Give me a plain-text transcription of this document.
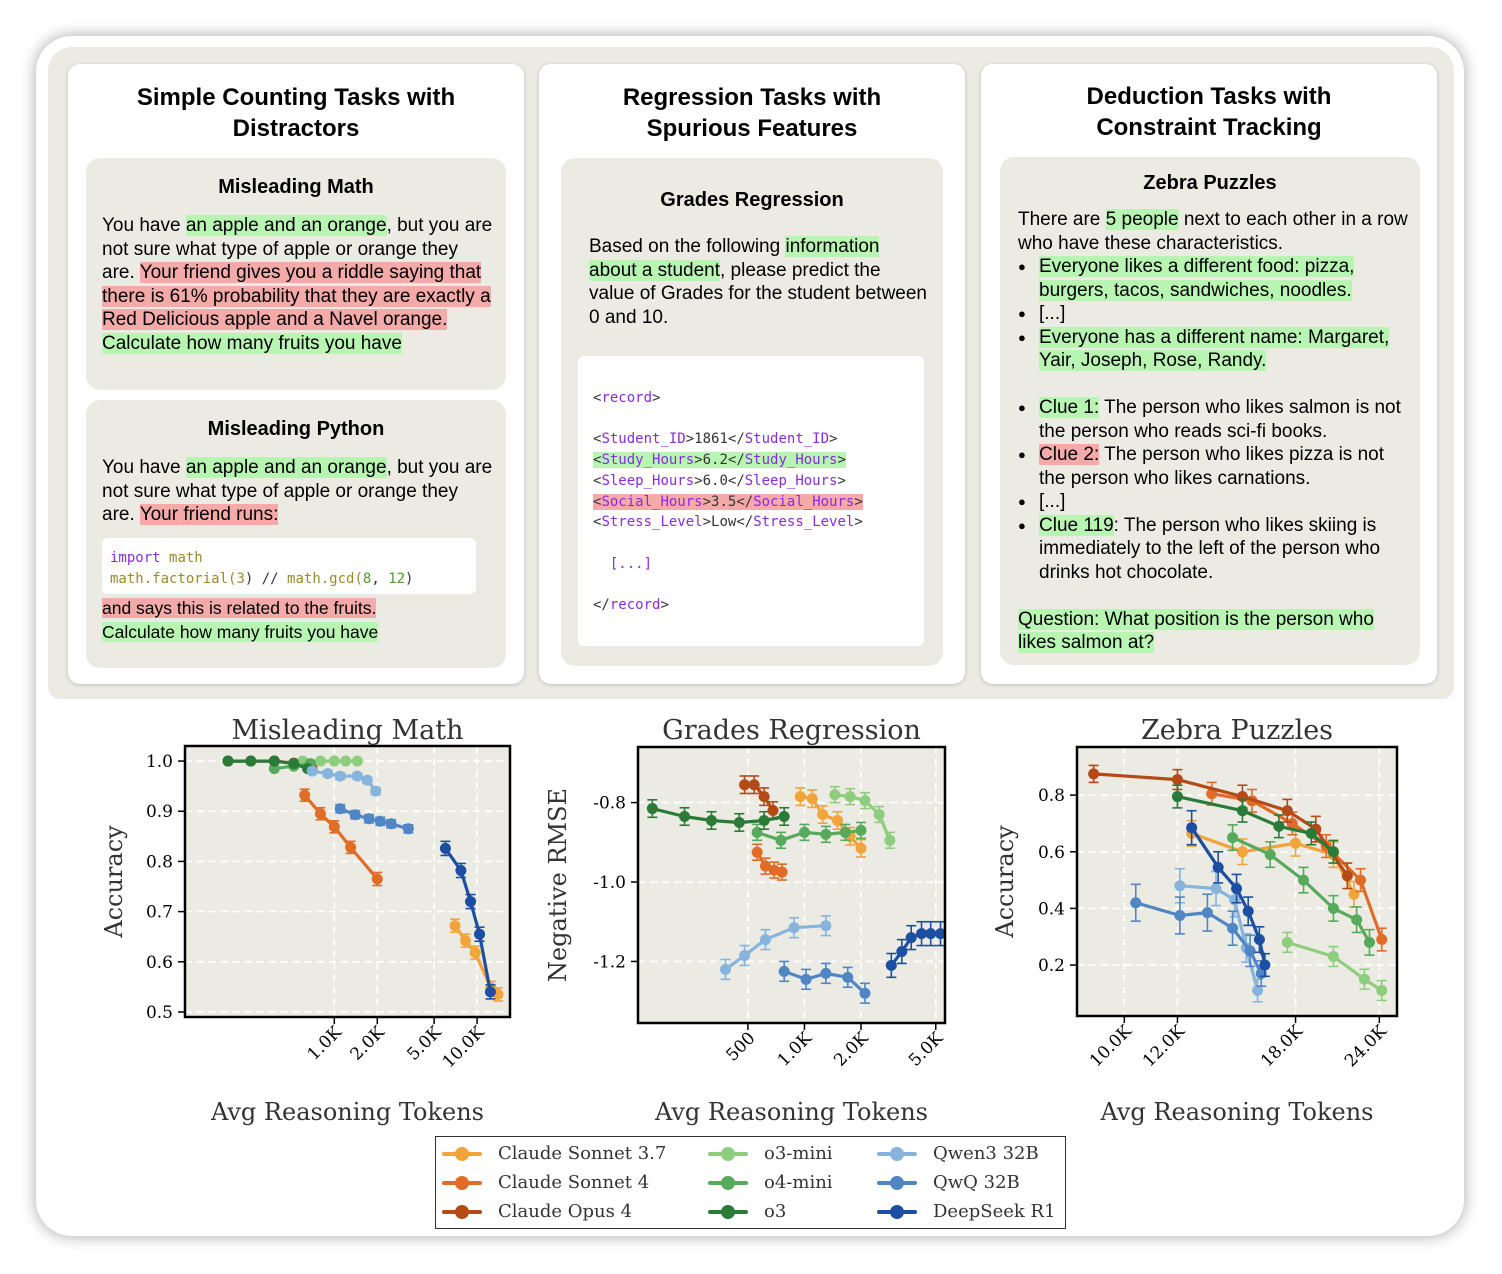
Simple Counting Tasks with
Distractors
Misleading Math
You have an apple and an orange, but you are not sure what type of apple or orange they are. Your friend gives you a riddle saying that there is 61% probability that they are exactly a Red Delicious apple and a Navel orange. Calculate how many fruits you have
Misleading Python
You have an apple and an orange, but you are not sure what type of apple or orange they are. Your friend runs:
import math
math.factorial(3) // math.gcd(8, 12)
and says this is related to the fruits.
Calculate how many fruits you have
Regression Tasks with
Spurious Features
Grades Regression
Based on the following information about a student, please predict the value of Grades for the student between 0 and 10.
<record>

<Student_ID>1861</Student_ID>
<Study_Hours>6.2</Study_Hours>
<Sleep_Hours>6.0</Sleep_Hours>
<Social_Hours>3.5</Social_Hours>
<Stress_Level>Low</Stress_Level>

[...]

</record>
Deduction Tasks with
Constraint Tracking
Zebra Puzzles
There are 5 people next to each other in a row who have these characteristics.
● Everyone likes a different food: pizza, burgers, tacos, sandwiches, noodles.
● [...]
● Everyone has a different name: Margaret, Yair, Joseph, Rose, Randy.
● Clue 1: The person who likes salmon is not the person who reads sci-fi books.
● Clue 2: The person who likes pizza is not the person who likes carnations.
● [...]
● Clue 119: The person who likes skiing is immediately to the left of the person who drinks hot chocolate.
Question: What position is the person who likes salmon at?
1.0K 2.0K 5.0K
10.0K
0.5
0.6
0.7
0.8
0.9
1.0
Misleading Math
Avg Reasoning Tokens
Accuracy
500 1.0K 2.0K 5.0K
-0.8
-1.0
-1.2
Grades Regression
Avg Reasoning Tokens
Negative RMSE
10.0K 12.0K	18.0K 24.0K
0.2
0.4
0.6
0.8
Zebra Puzzles
Avg Reasoning Tokens
Accuracy
Claude Sonnet 3.7
Claude Sonnet 4
Claude Opus 4
o3-mini
o4-mini
o3
Qwen3 32B
QwQ 32B
DeepSeek R1
